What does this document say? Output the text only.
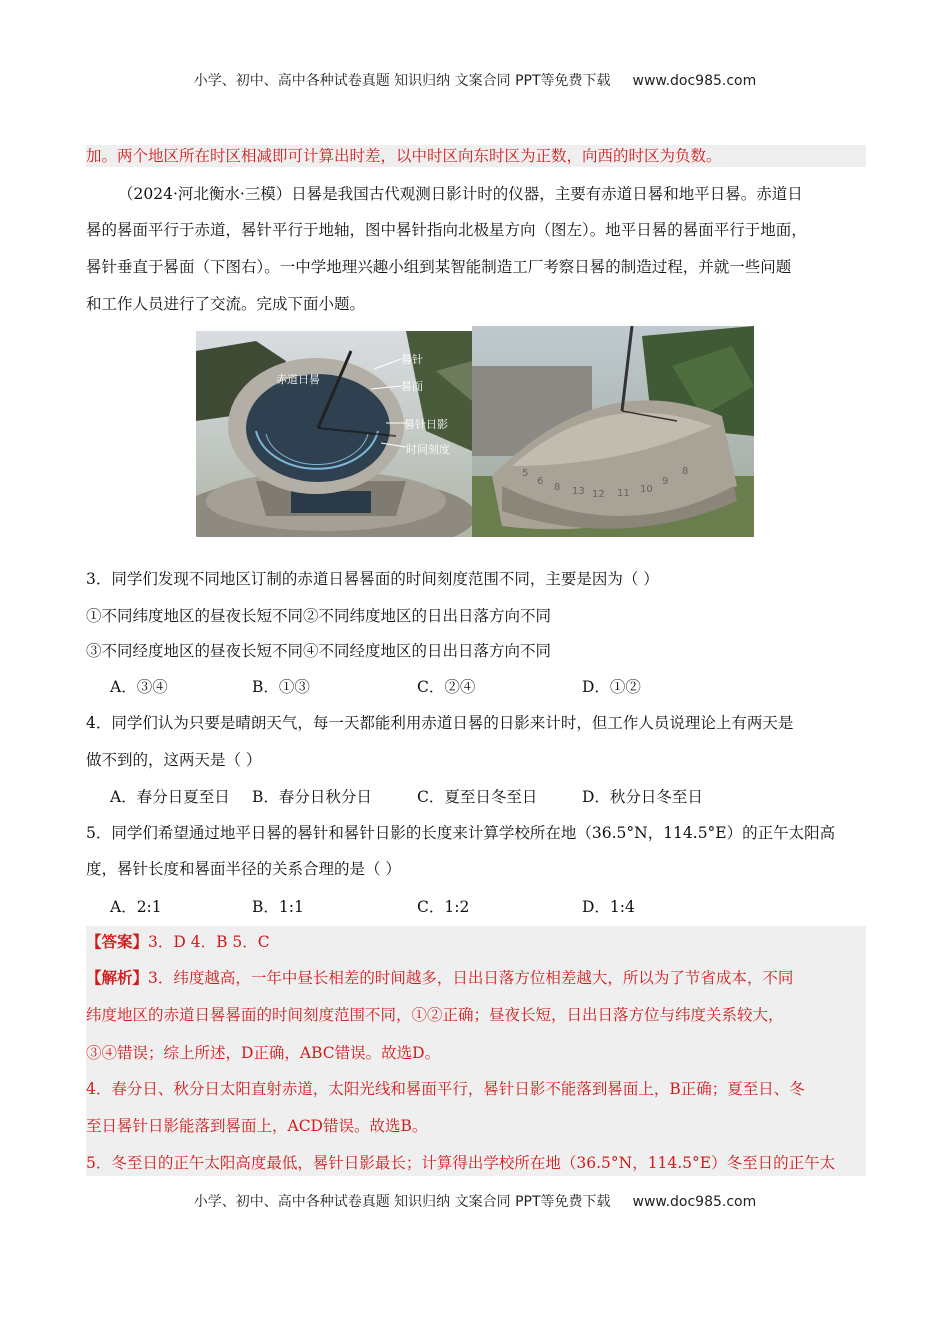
小学、初中、高中各种试卷真题 知识归纳 文案合同 PPT等免费下载 www.doc985.com
加。两个地区所在时区相减即可计算出时差，以中时区向东时区为正数，向西的时区为负数。
（2024·河北衡水·三模）日晷是我国古代观测日影计时的仪器，主要有赤道日晷和地平日晷。赤道日
晷的晷面平行于赤道，晷针平行于地轴，图中晷针指向北极星方向（图左）。地平日晷的晷面平行于地面，
晷针垂直于晷面（下图右）。一中学地理兴趣小组到某智能制造工厂考察日晷的制造过程，并就一些问题
和工作人员进行了交流。完成下面小题。
赤道日晷
晷针
晷面
晷针日影
时间刻度
5
6
8 13 12 11 10
9
8
3．同学们发现不同地区订制的赤道日晷晷面的时间刻度范围不同，主要是因为（ ）
①不同纬度地区的昼夜长短不同②不同纬度地区的日出日落方向不同
③不同经度地区的昼夜长短不同④不同经度地区的日出日落方向不同
A．③④	B．①③	C．②④	D．①②
4．同学们认为只要是晴朗天气，每一天都能利用赤道日晷的日影来计时，但工作人员说理论上有两天是
做不到的，这两天是（ ）
A．春分日夏至日 B．春分日秋分日	C．夏至日冬至日	D．秋分日冬至日
5．同学们希望通过地平日晷的晷针和晷针日影的长度来计算学校所在地（36.5°N，114.5°E）的正午太阳高
度，晷针长度和晷面半径的关系合理的是（ ）
A．2:1	B．1:1	C．1:2	D．1:4
【答案】3．D 4．B 5．C
【解析】3．纬度越高，一年中昼长相差的时间越多，日出日落方位相差越大，所以为了节省成本，不同
纬度地区的赤道日晷晷面的时间刻度范围不同，①②正确；昼夜长短，日出日落方位与纬度关系较大，
③④错误；综上所述，D正确，ABC错误。故选D。
4．春分日、秋分日太阳直射赤道，太阳光线和晷面平行，晷针日影不能落到晷面上，B正确；夏至日、冬
至日晷针日影能落到晷面上，ACD错误。故选B。
5．冬至日的正午太阳高度最低，晷针日影最长；计算得出学校所在地（36.5°N，114.5°E）冬至日的正午太
小学、初中、高中各种试卷真题 知识归纳 文案合同 PPT等免费下载 www.doc985.com
